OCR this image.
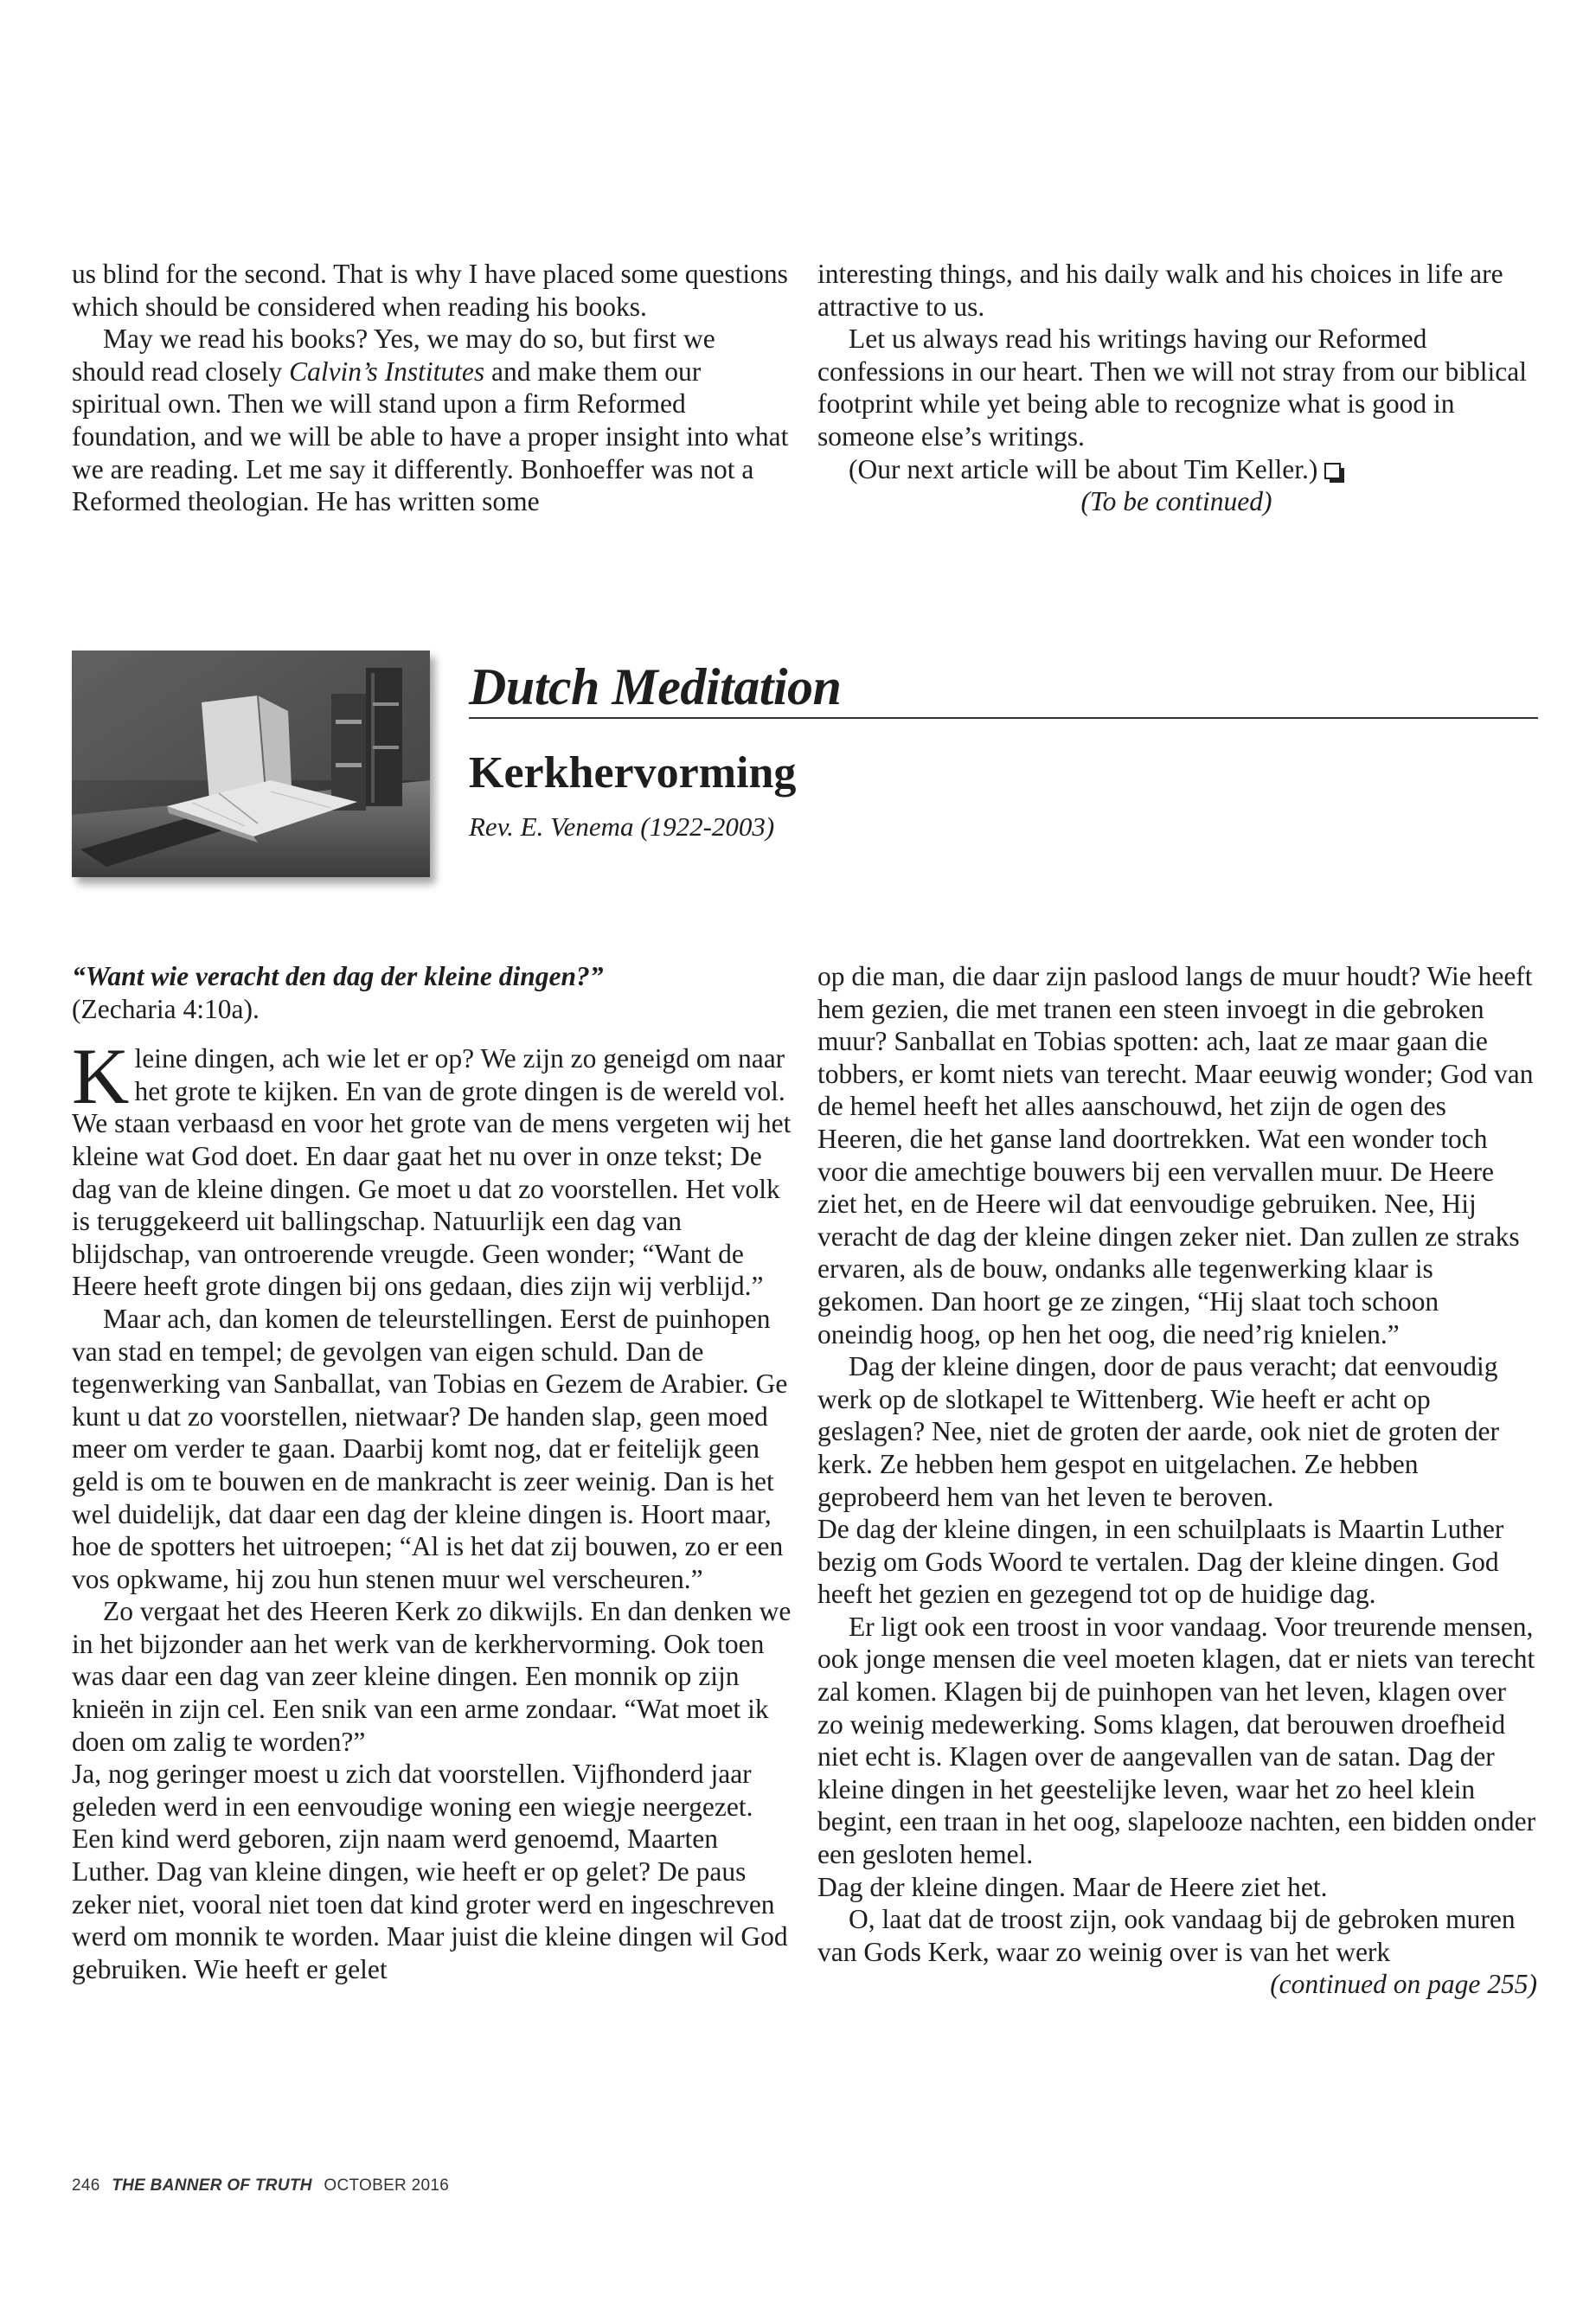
us blind for the second. That is why I have placed some questions which should be considered when reading his books.

May we read his books? Yes, we may do so, but first we should read closely Calvin’s Institutes and make them our spiritual own. Then we will stand upon a firm Reformed foundation, and we will be able to have a proper insight into what we are reading. Let me say it differently. Bonhoeffer was not a Reformed theologian. He has written some

interesting things, and his daily walk and his choices in life are attractive to us.

Let us always read his writings having our Reformed confessions in our heart. Then we will not stray from our biblical footprint while yet being able to recognize what is good in someone else’s writings.

(Our next article will be about Tim Keller.)

(To be continued)

Dutch Meditation
Kerkhervorming

Rev. E. Venema (1922-2003)

“Want wie veracht den dag der kleine dingen?”
(Zecharia 4:10a).

Kleine dingen, ach wie let er op? We zijn zo geneigd om naar het grote te kijken. En van de grote dingen is de wereld vol. We staan verbaasd en voor het grote van de mens vergeten wij het kleine wat God doet. En daar gaat het nu over in onze tekst; De dag van de kleine dingen. Ge moet u dat zo voorstellen. Het volk is teruggekeerd uit ballingschap. Natuurlijk een dag van blijdschap, van ontroerende vreugde. Geen wonder; “Want de Heere heeft grote dingen bij ons gedaan, dies zijn wij verblijd.”

Maar ach, dan komen de teleurstellingen. Eerst de puinhopen van stad en tempel; de gevolgen van eigen schuld. Dan de tegenwerking van Sanballat, van Tobias en Gezem de Arabier. Ge kunt u dat zo voorstellen, nietwaar? De handen slap, geen moed meer om verder te gaan. Daarbij komt nog, dat er feitelijk geen geld is om te bouwen en de mankracht is zeer weinig. Dan is het wel duidelijk, dat daar een dag der kleine dingen is. Hoort maar, hoe de spotters het uitroepen; “Al is het dat zij bouwen, zo er een vos opkwame, hij zou hun stenen muur wel verscheuren.”

Zo vergaat het des Heeren Kerk zo dikwijls. En dan denken we in het bijzonder aan het werk van de kerkhervorming. Ook toen was daar een dag van zeer kleine dingen. Een monnik op zijn knieën in zijn cel. Een snik van een arme zondaar. “Wat moet ik doen om zalig te worden?”

Ja, nog geringer moest u zich dat voorstellen. Vijfhonderd jaar geleden werd in een eenvoudige woning een wiegje neergezet. Een kind werd geboren, zijn naam werd genoemd, Maarten Luther. Dag van kleine dingen, wie heeft er op gelet? De paus zeker niet, vooral niet toen dat kind groter werd en ingeschreven werd om monnik te worden. Maar juist die kleine dingen wil God gebruiken. Wie heeft er gelet

op die man, die daar zijn paslood langs de muur houdt? Wie heeft hem gezien, die met tranen een steen invoegt in die gebroken muur? Sanballat en Tobias spotten: ach, laat ze maar gaan die tobbers, er komt niets van terecht. Maar eeuwig wonder; God van de hemel heeft het alles aanschouwd, het zijn de ogen des Heeren, die het ganse land doortrekken. Wat een wonder toch voor die amechtige bouwers bij een vervallen muur. De Heere ziet het, en de Heere wil dat eenvoudige gebruiken. Nee, Hij veracht de dag der kleine dingen zeker niet. Dan zullen ze straks ervaren, als de bouw, ondanks alle tegenwerking klaar is gekomen. Dan hoort ge ze zingen, “Hij slaat toch schoon oneindig hoog, op hen het oog, die need’rig knielen.”

Dag der kleine dingen, door de paus veracht; dat eenvoudig werk op de slotkapel te Wittenberg. Wie heeft er acht op geslagen? Nee, niet de groten der aarde, ook niet de groten der kerk. Ze hebben hem gespot en uitgelachen. Ze hebben geprobeerd hem van het leven te beroven.

De dag der kleine dingen, in een schuilplaats is Maartin Luther bezig om Gods Woord te vertalen. Dag der kleine dingen. God heeft het gezien en gezegend tot op de huidige dag.

Er ligt ook een troost in voor vandaag. Voor treurende mensen, ook jonge mensen die veel moeten klagen, dat er niets van terecht zal komen. Klagen bij de puinhopen van het leven, klagen over zo weinig medewerking. Soms klagen, dat berouwen droefheid niet echt is. Klagen over de aangevallen van de satan. Dag der kleine dingen in het geestelijke leven, waar het zo heel klein begint, een traan in het oog, slapelooze nachten, een bidden onder een gesloten hemel.

Dag der kleine dingen. Maar de Heere ziet het.

O, laat dat de troost zijn, ook vandaag bij de gebroken muren van Gods Kerk, waar zo weinig over is van het werk

(continued on page 255)

246 THE BANNER OF TRUTH OCTOBER 2016
